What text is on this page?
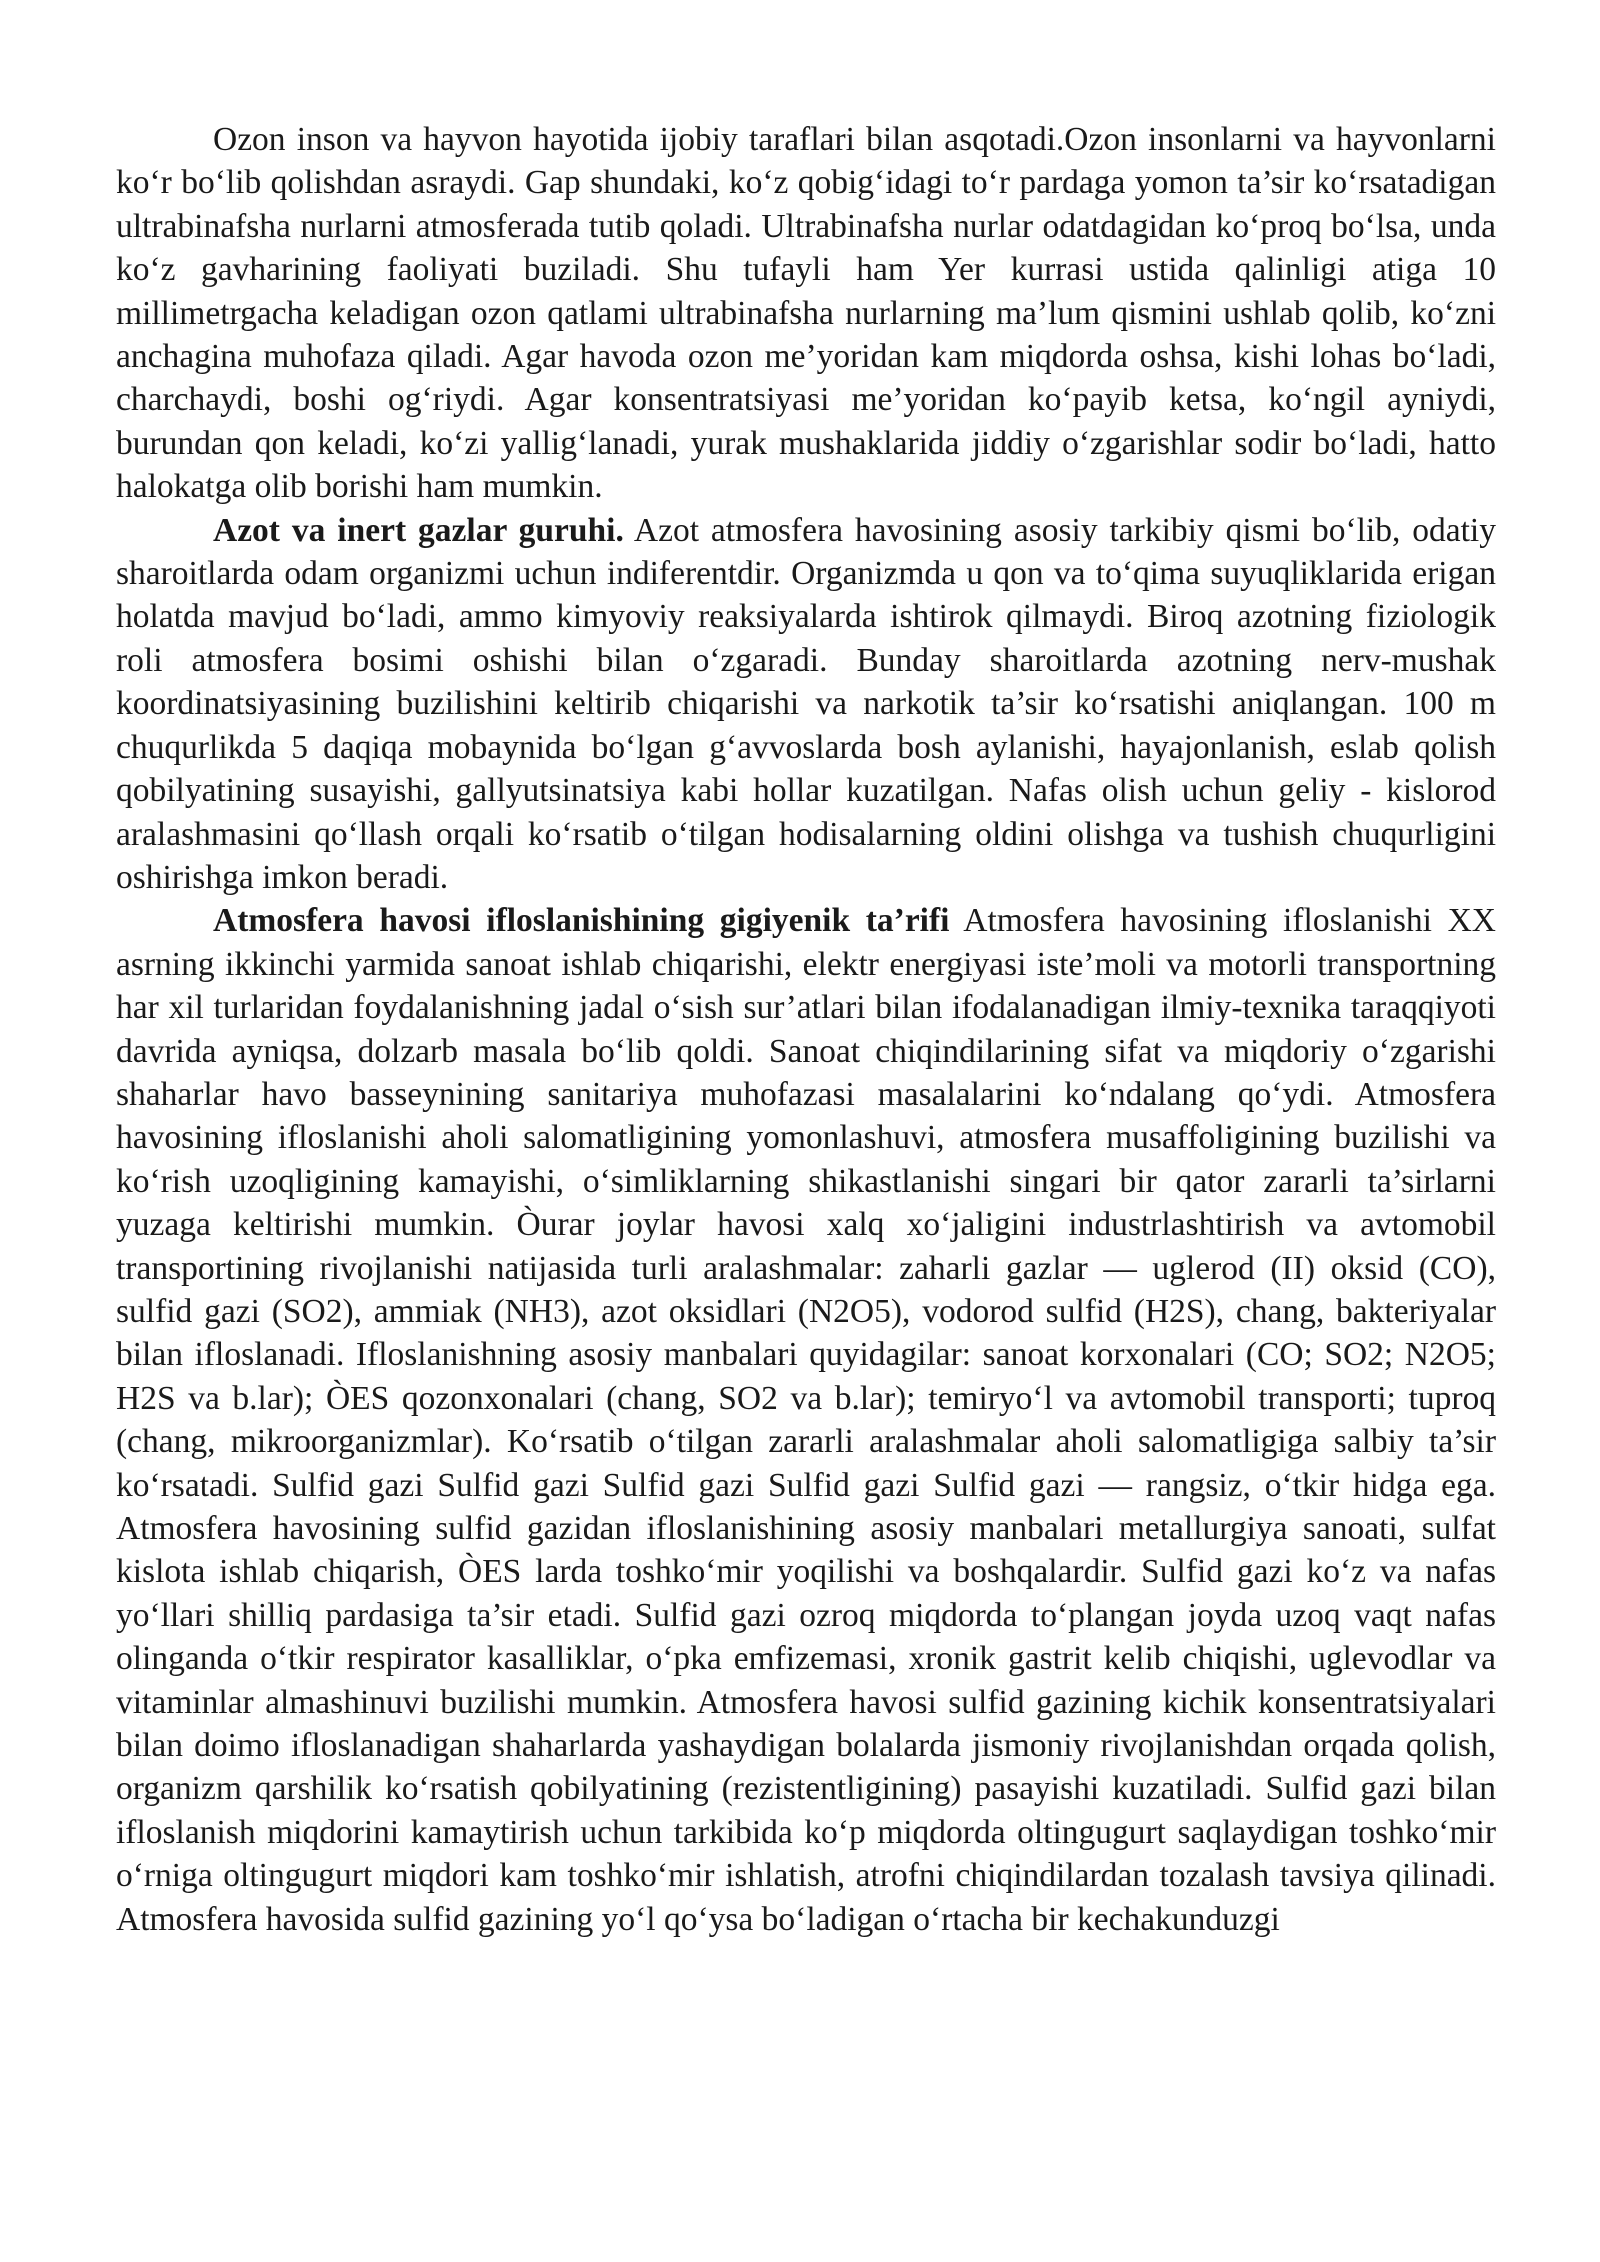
Ozon inson va hayvon hayotida ijobiy taraflari bilan asqotadi.Ozon insonlarni va hayvonlarni ko‘r bo‘lib qolishdan asraydi. Gap shundaki, ko‘z qobig‘idagi to‘r pardaga yomon ta’sir ko‘rsatadigan ultrabinafsha nurlarni atmosferada tutib qoladi. Ultrabinafsha nurlar odatdagidan ko‘proq bo‘lsa, unda ko‘z gavharining faoliyati buziladi. Shu tufayli ham Yer kurrasi ustida qalinligi atiga 10 millimetrgacha keladigan ozon qatlami ultrabinafsha nurlarning ma’lum qismini ushlab qolib, ko‘zni anchagina muhofaza qiladi. Agar havoda ozon me’yoridan kam miqdorda oshsa, kishi lohas bo‘ladi, charchaydi, boshi og‘riydi. Agar konsentratsiyasi me’yoridan ko‘payib ketsa, ko‘ngil ayniydi, burundan qon keladi, ko‘zi yallig‘lanadi, yurak mushaklarida jiddiy o‘zgarishlar sodir bo‘ladi, hatto halokatga olib borishi ham mumkin.

Azot va inert gazlar guruhi. Azot atmosfera havosining asosiy tarkibiy qismi bo‘lib, odatiy sharoitlarda odam organizmi uchun indiferentdir. Organizmda u qon va to‘qima suyuqliklarida erigan holatda mavjud bo‘ladi, ammo kimyoviy reaksiyalarda ishtirok qilmaydi. Biroq azotning fiziologik roli atmosfera bosimi oshishi bilan o‘zgaradi. Bunday sharoitlarda azotning nerv-mushak koordinatsiyasining buzilishini keltirib chiqarishi va narkotik ta’sir ko‘rsatishi aniqlangan. 100 m chuqurlikda 5 daqiqa mobaynida bo‘lgan g‘avvoslarda bosh aylanishi, hayajonlanish, eslab qolish qobilyatining susayishi, gallyutsinatsiya kabi hollar kuzatilgan. Nafas olish uchun geliy - kislorod aralashmasini qo‘llash orqali ko‘rsatib o‘tilgan hodisalarning oldini olishga va tushish chuqurligini oshirishga imkon beradi.

Atmosfera havosi ifloslanishining gigiyenik ta’rifi Atmosfera havosining ifloslanishi XX asrning ikkinchi yarmida sanoat ishlab chiqarishi, elektr energiyasi iste’moli va motorli transportning har xil turlaridan foydalanishning jadal o‘sish sur’atlari bilan ifodalanadigan ilmiy-texnika taraqqiyoti davrida ayniqsa, dolzarb masala bo‘lib qoldi. Sanoat chiqindilarining sifat va miqdoriy o‘zgarishi shaharlar havo basseynining sanitariya muhofazasi masalalarini ko‘ndalang qo‘ydi. Atmosfera havosining ifloslanishi aholi salomatligining yomonlashuvi, atmosfera musaffoligining buzilishi va ko‘rish uzoqligining kamayishi, o‘simliklarning shikastlanishi singari bir qator zararli ta’sirlarni yuzaga keltirishi mumkin. Òurar joylar havosi xalq xo‘jaligini industrlashtirish va avtomobil transportining rivojlanishi natijasida turli aralashmalar: zaharli gazlar — uglerod (II) oksid (CO), sulfid gazi (SO2), ammiak (NH3), azot oksidlari (N2O5), vodorod sulfid (H2S), chang, bakteriyalar bilan ifloslanadi. Ifloslanishning asosiy manbalari quyidagilar: sanoat korxonalari (CO; SO2; N2O5; H2S va b.lar); ÒES qozonxonalari (chang, SO2 va b.lar); temiryo‘l va avtomobil transporti; tuproq (chang, mikroorganizmlar). Ko‘rsatib o‘tilgan zararli aralashmalar aholi salomatligiga salbiy ta’sir ko‘rsatadi. Sulfid gazi Sulfid gazi Sulfid gazi Sulfid gazi Sulfid gazi — rangsiz, o‘tkir hidga ega. Atmosfera havosining sulfid gazidan ifloslanishining asosiy manbalari metallurgiya sanoati, sulfat kislota ishlab chiqarish, ÒES larda toshko‘mir yoqilishi va boshqalardir. Sulfid gazi ko‘z va nafas yo‘llari shilliq pardasiga ta’sir etadi. Sulfid gazi ozroq miqdorda to‘plangan joyda uzoq vaqt nafas olinganda o‘tkir respirator kasalliklar, o‘pka emfizemasi, xronik gastrit kelib chiqishi, uglevodlar va vitaminlar almashinuvi buzilishi mumkin. Atmosfera havosi sulfid gazining kichik konsentratsiyalari bilan doimo ifloslanadigan shaharlarda yashaydigan bolalarda jismoniy rivojlanishdan orqada qolish, organizm qarshilik ko‘rsatish qobilyatining (rezistentligining) pasayishi kuzatiladi. Sulfid gazi bilan ifloslanish miqdorini kamaytirish uchun tarkibida ko‘p miqdorda oltingugurt saqlaydigan toshko‘mir o‘rniga oltingugurt miqdori kam toshko‘mir ishlatish, atrofni chiqindilardan tozalash tavsiya qilinadi. Atmosfera havosida sulfid gazining yo‘l qo‘ysa bo‘ladigan o‘rtacha bir kechakunduzgi
